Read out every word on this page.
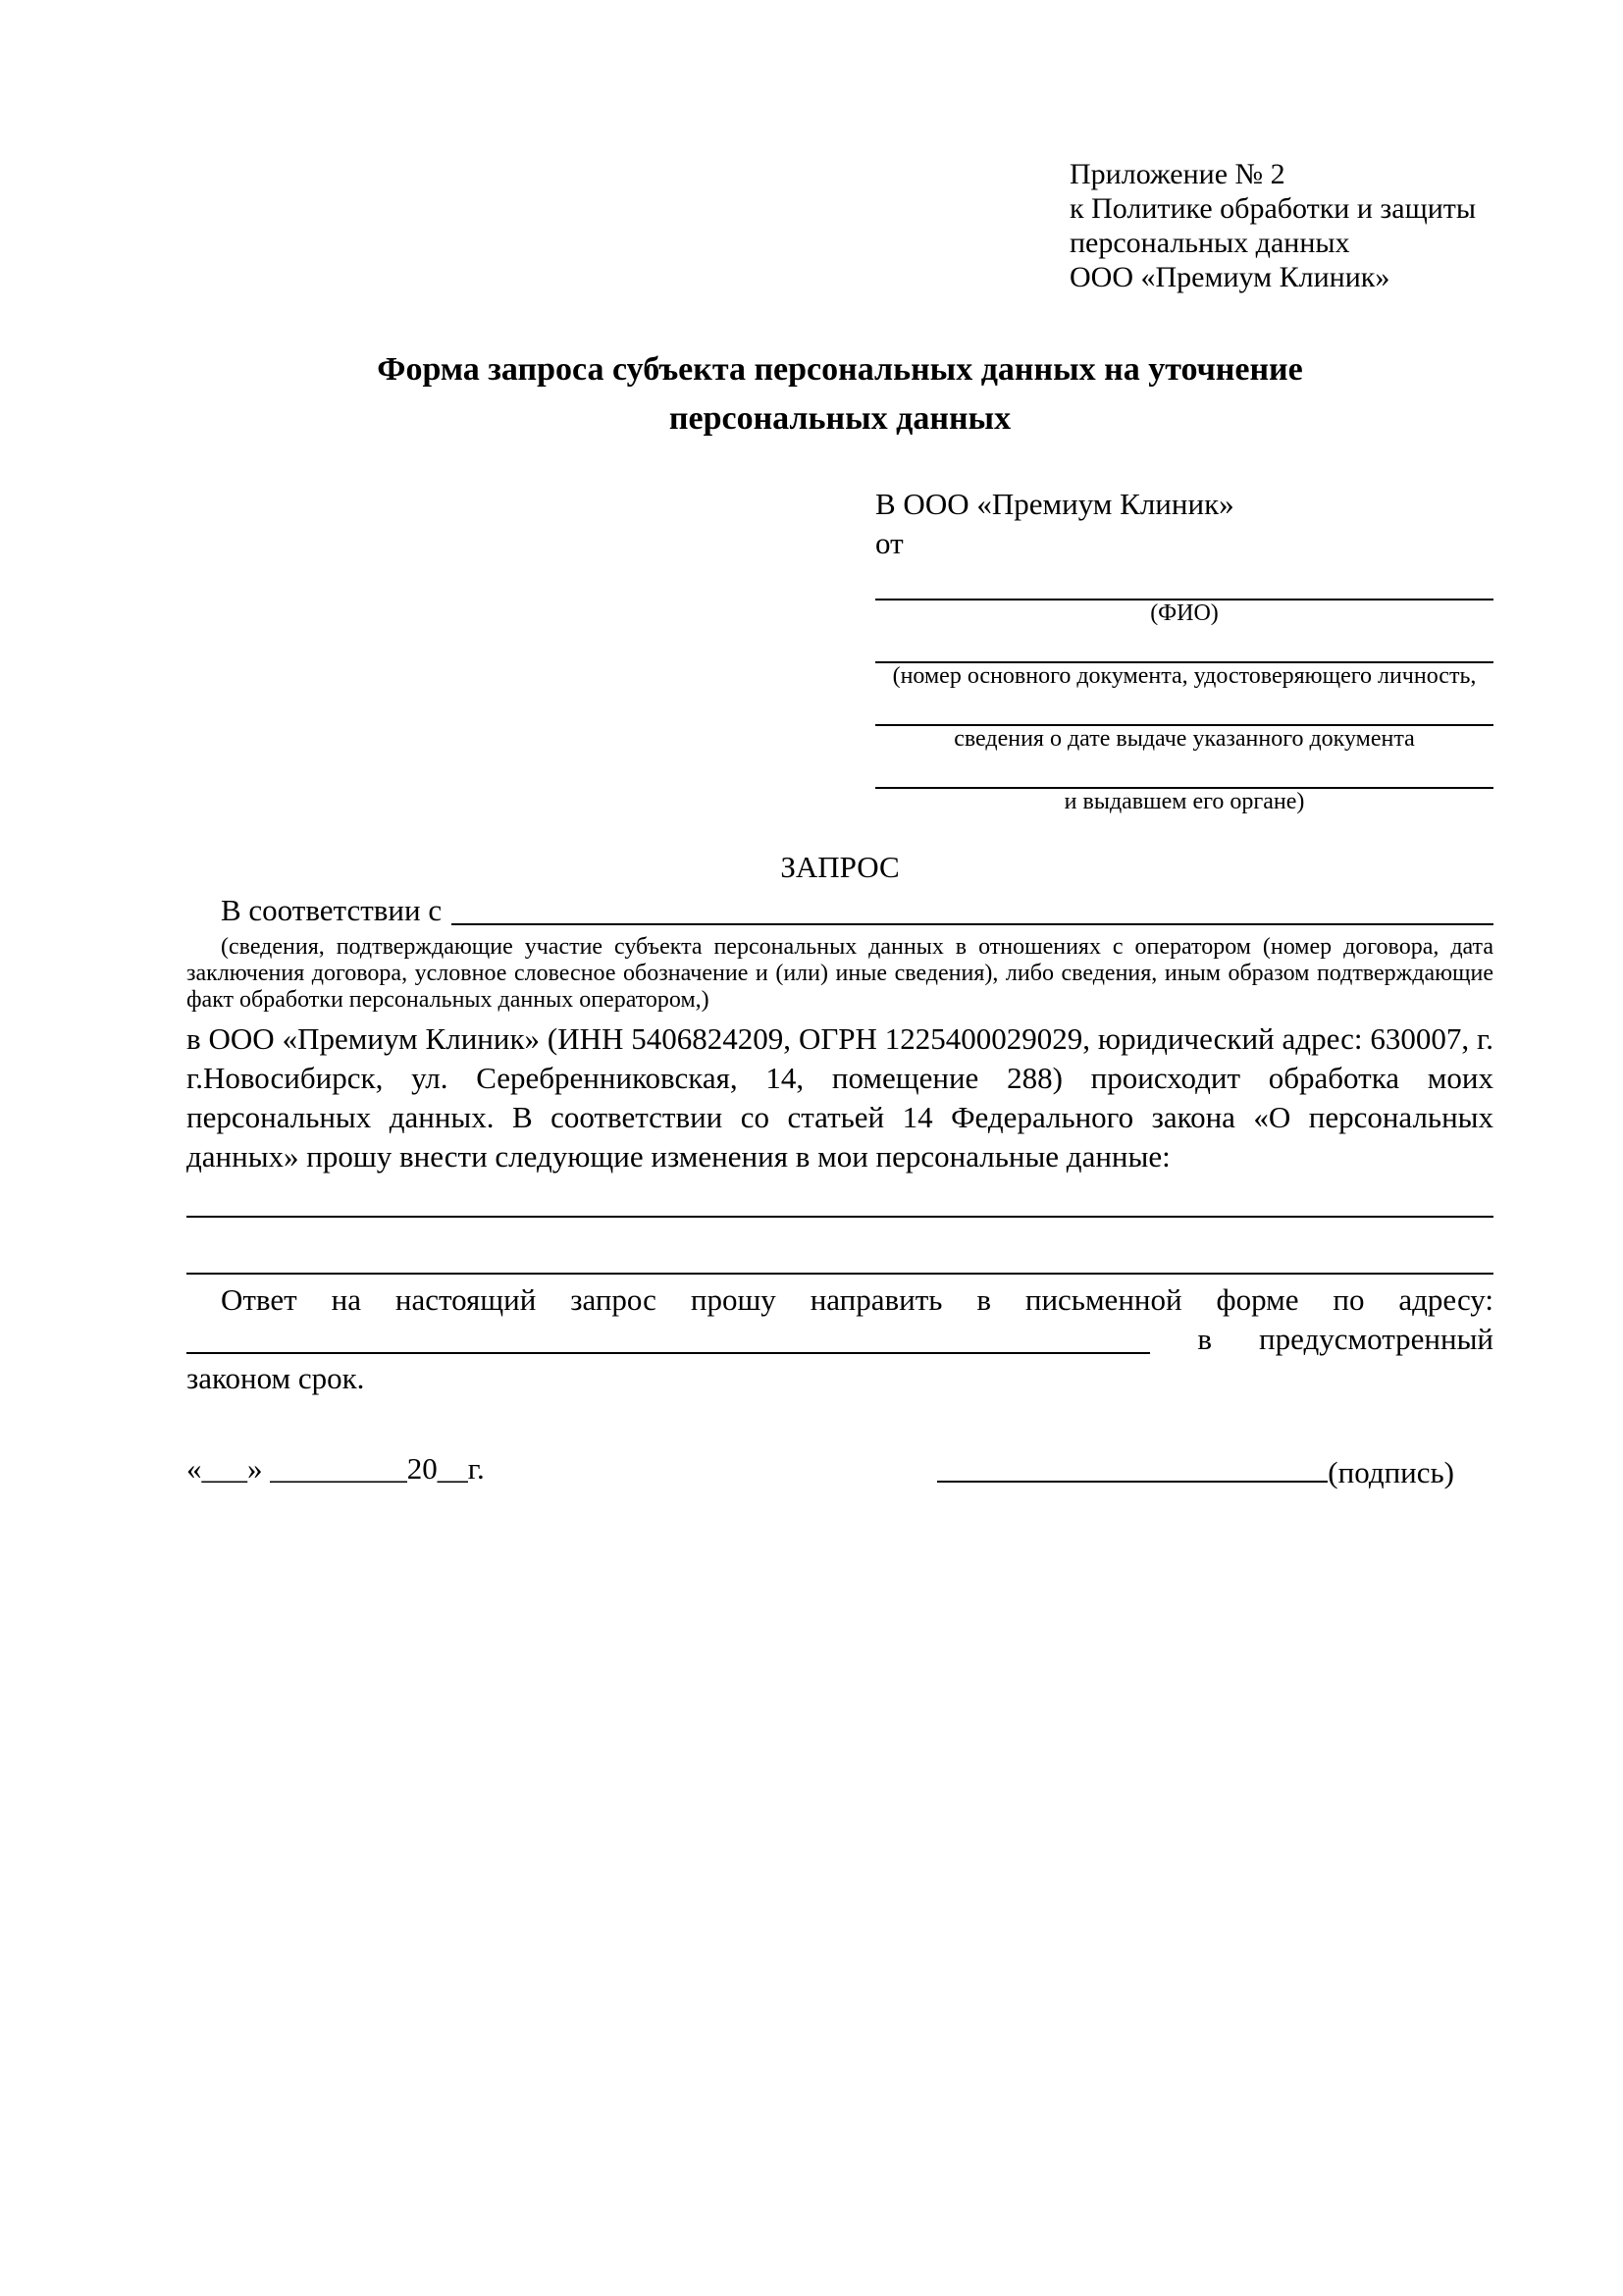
Приложение № 2
к Политике обработки и защиты
персональных данных
ООО «Премиум Клиник»
Форма запроса субъекта персональных данных на уточнение
персональных данных
В ООО «Премиум Клиник»
от
(ФИО)
(номер основного документа, удостоверяющего личность,
сведения о дате выдаче указанного документа
и выдавшем его органе)
ЗАПРОС
В соответствии с
(сведения, подтверждающие участие субъекта персональных данных в отношениях с оператором (номер договора, дата заключения договора, условное словесное обозначение и (или) иные сведения), либо сведения, иным образом подтверждающие факт обработки персональных данных оператором,)
в ООО «Премиум Клиник» (ИНН 5406824209, ОГРН 1225400029029, юридический адрес: 630007, г. г.Новосибирск, ул. Серебренниковская, 14, помещение 288) происходит обработка моих персональных данных. В соответствии со статьей 14 Федерального закона «О персональных данных» прошу внести следующие изменения в мои персональные данные:
Ответ на настоящий запрос прошу направить в письменной форме по адресу:
в предусмотренный
законом срок.
«___» _________20__г.	(подпись)
